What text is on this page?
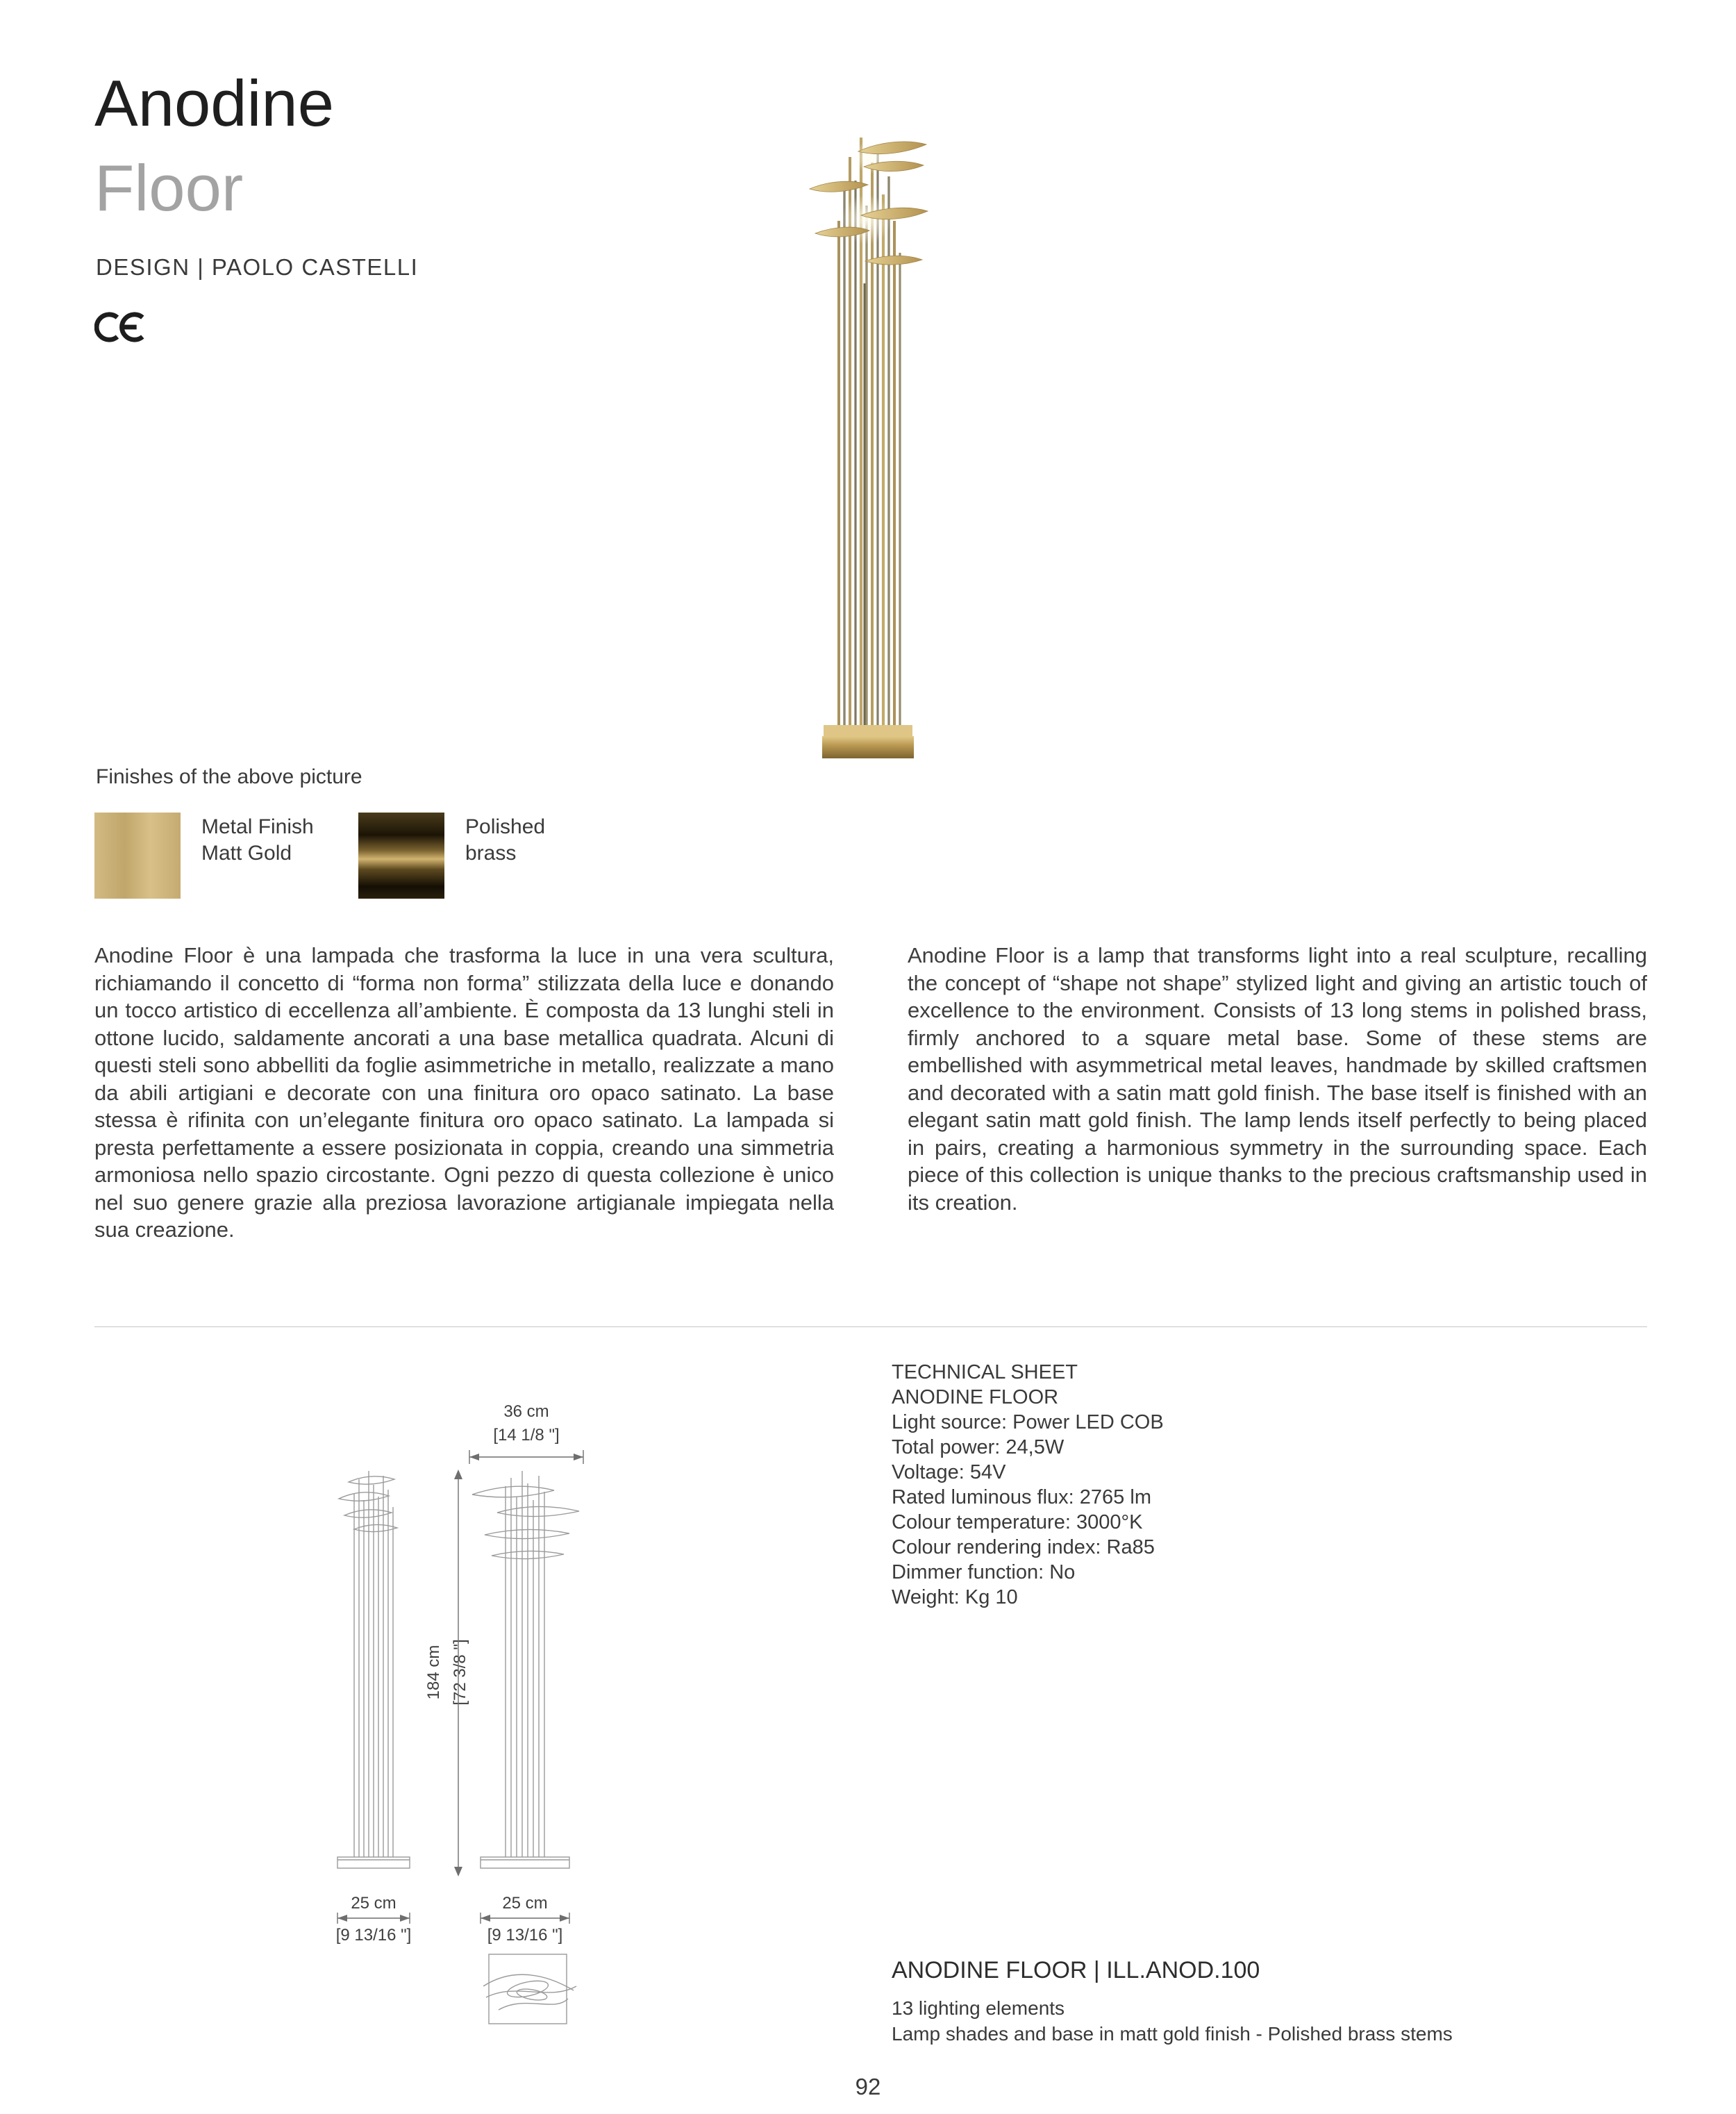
Anodine
Floor
DESIGN | PAOLO CASTELLI
Finishes of the above picture
Metal Finish
Matt Gold
Polished
brass
Anodine Floor è una lampada che trasforma la luce in una vera scultura, richiamando il concetto di “forma non forma” stilizzata della luce e donando un tocco artistico di eccellenza all’ambiente. È composta da 13 lunghi steli in ottone lucido, saldamente ancorati a una base metallica quadrata. Alcuni di questi steli sono abbelliti da foglie asimmetriche in metallo, realizzate a mano da abili artigiani e decorate con una finitura oro opaco satinato. La base stessa è rifinita con un’elegante finitura oro opaco satinato. La lampada si presta perfettamente a essere posizionata in coppia, creando una simmetria armoniosa nello spazio circostante. Ogni pezzo di questa collezione è unico nel suo genere grazie alla preziosa lavorazione artigianale impiegata nella sua creazione.
Anodine Floor is a lamp that transforms light into a real sculpture, recalling the concept of “shape not shape” stylized light and giving an artistic touch of excellence to the environment. Consists of 13 long stems in polished brass, firmly anchored to a square metal base. Some of these stems are embellished with asymmetrical metal leaves, handmade by skilled craftsmen and decorated with a satin matt gold finish. The base itself is finished with an elegant satin matt gold finish. The lamp lends itself perfectly to being placed in pairs, creating a harmonious symmetry in the surrounding space. Each piece of this collection is unique thanks to the precious craftsmanship used in its creation.
36 cm
[14 1/8 "]
184 cm [72 3/8 "]
25 cm
[9 13/16 "]
25 cm
[9 13/16 "]
TECHNICAL SHEET
ANODINE FLOOR
Light source: Power LED COB
Total power: 24,5W
Voltage: 54V
Rated luminous flux: 2765 lm
Colour temperature: 3000°K
Colour rendering index: Ra85
Dimmer function: No
Weight: Kg 10
ANODINE FLOOR | ILL.ANOD.100
13 lighting elements
Lamp shades and base in matt gold finish - Polished brass stems
92
